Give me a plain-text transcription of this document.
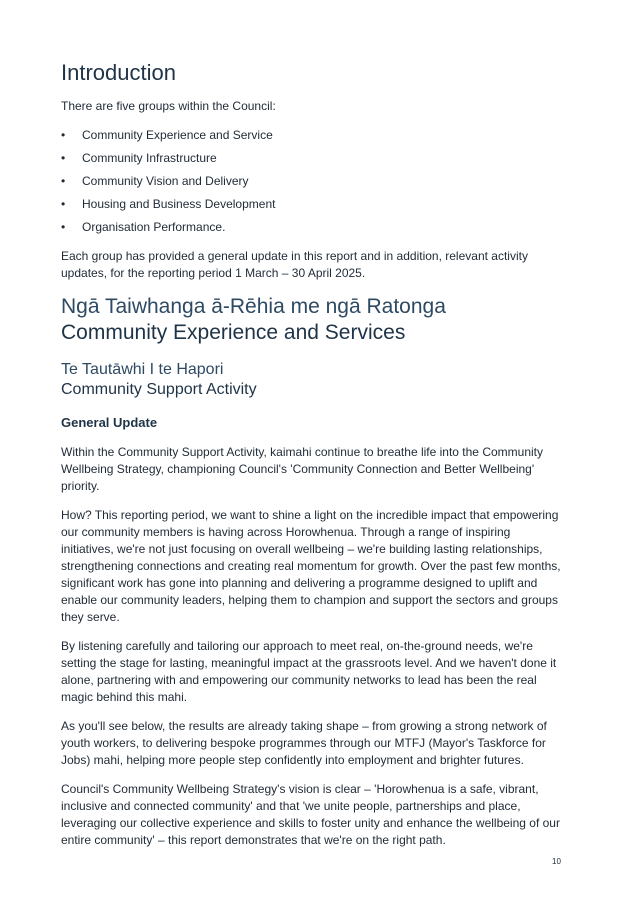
Introduction

There are five groups within the Council:

• Community Experience and Service
• Community Infrastructure
• Community Vision and Delivery
• Housing and Business Development
• Organisation Performance.

Each group has provided a general update in this report and in addition, relevant activity updates, for the reporting period 1 March – 30 April 2025.

Ngā Taiwhanga ā-Rēhia me ngā Ratonga
Community Experience and Services
Te Tautāwhi I te Hapori
Community Support Activity
General Update

Within the Community Support Activity, kaimahi continue to breathe life into the Community Wellbeing Strategy, championing Council's 'Community Connection and Better Wellbeing' priority.

How? This reporting period, we want to shine a light on the incredible impact that empowering our community members is having across Horowhenua. Through a range of inspiring initiatives, we're not just focusing on overall wellbeing – we're building lasting relationships, strengthening connections and creating real momentum for growth. Over the past few months, significant work has gone into planning and delivering a programme designed to uplift and enable our community leaders, helping them to champion and support the sectors and groups they serve.

By listening carefully and tailoring our approach to meet real, on-the-ground needs, we're setting the stage for lasting, meaningful impact at the grassroots level. And we haven't done it alone, partnering with and empowering our community networks to lead has been the real magic behind this mahi.

As you'll see below, the results are already taking shape – from growing a strong network of youth workers, to delivering bespoke programmes through our MTFJ (Mayor's Taskforce for Jobs) mahi, helping more people step confidently into employment and brighter futures.

Council's Community Wellbeing Strategy's vision is clear – 'Horowhenua is a safe, vibrant, inclusive and connected community' and that 'we unite people, partnerships and place, leveraging our collective experience and skills to foster unity and enhance the wellbeing of our entire community' – this report demonstrates that we're on the right path.

10
